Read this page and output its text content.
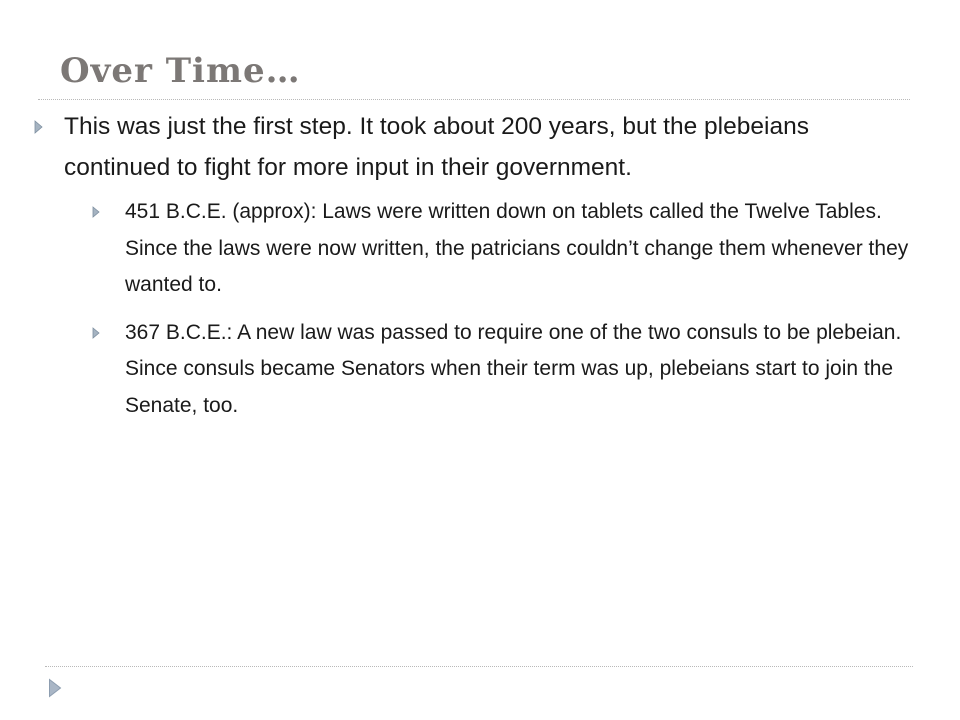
Over Time…
This was just the first step. It took about 200 years, but the plebeians continued to fight for more input in their government.
451 B.C.E. (approx): Laws were written down on tablets called the Twelve Tables. Since the laws were now written, the patricians couldn’t change them whenever they wanted to.
367 B.C.E.: A new law was passed to require one of the two consuls to be plebeian. Since consuls became Senators when their term was up, plebeians start to join the Senate, too.
